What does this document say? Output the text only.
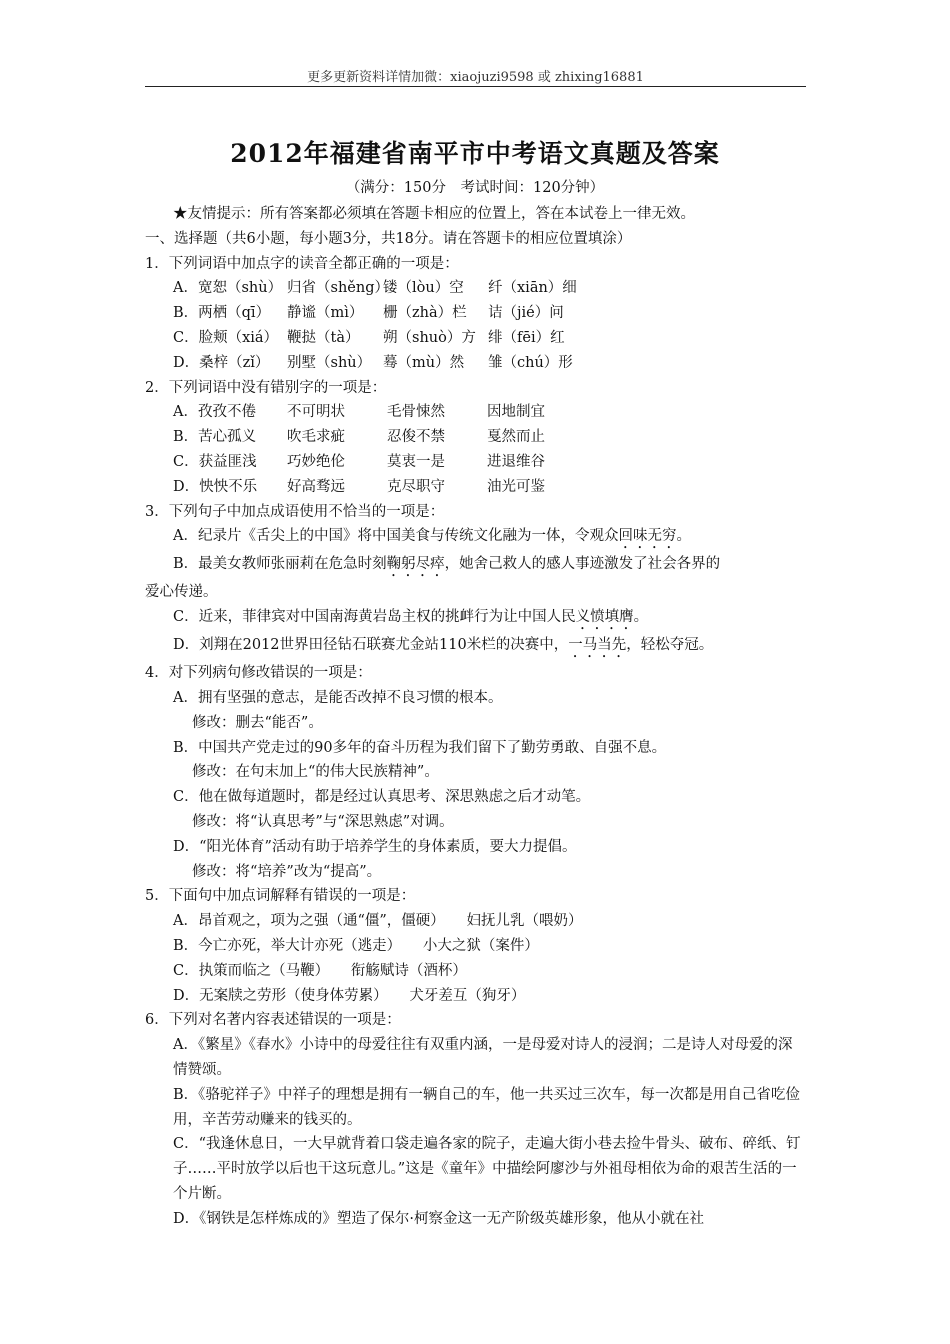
更多更新资料详情加微：xiaojuzi9598 或 zhixing16881
2012年福建省南平市中考语文真题及答案
（满分：150分　考试时间：120分钟）

★友情提示：所有答案都必须填在答题卡相应的位置上，答在本试卷上一律无效。

一、选择题（共6小题，每小题3分，共18分。请在答题卡的相应位置填涂）

1．下列词语中加点字的读音全都正确的一项是：

A．宽恕（shù） 归省（shěng）镂（lòu）空 纤（xiān）细
B．两栖（qī） 静谧（mì） 栅（zhà）栏 诘（jié）问
C．脸颊（xiá） 鞭挞（tà） 朔（shuò）方 绯（fēi）红
D．桑梓（zǐ） 别墅（shù） 蓦（mù）然 雏（chú）形

2．下列词语中没有错别字的一项是：

A．孜孜不倦 不可明状	毛骨悚然	因地制宜
B．苦心孤义 吹毛求疵	忍俊不禁	戛然而止
C．获益匪浅 巧妙绝伦	莫衷一是	进退维谷
D．怏怏不乐 好高骛远	克尽职守	油光可鉴

3．下列句子中加点成语使用不恰当的一项是：

A．纪录片《舌尖上的中国》将中国美食与传统文化融为一体，令观众回味无穷。

B．最美女教师张丽莉在危急时刻鞠躬尽瘁，她舍己救人的感人事迹激发了社会各界的

爱心传递。

C．近来，菲律宾对中国南海黄岩岛主权的挑衅行为让中国人民义愤填膺。

D．刘翔在2012世界田径钻石联赛尤金站110米栏的决赛中，一马当先，轻松夺冠。

4．对下列病句修改错误的一项是：

A．拥有坚强的意志，是能否改掉不良习惯的根本。

修改：删去“能否”。

B．中国共产党走过的90多年的奋斗历程为我们留下了勤劳勇敢、自强不息。

修改：在句末加上“的伟大民族精神”。

C．他在做每道题时，都是经过认真思考、深思熟虑之后才动笔。

修改：将“认真思考”与“深思熟虑”对调。

D．“阳光体育”活动有助于培养学生的身体素质，要大力提倡。

修改：将“培养”改为“提高”。

5．下面句中加点词解释有错误的一项是：

A．昂首观之，项为之强（通“僵”，僵硬）　　妇抚儿乳（喂奶）

B．今亡亦死，举大计亦死（逃走）　　小大之狱（案件）

C．执策而临之（马鞭）　　衔觞赋诗（酒杯）

D．无案牍之劳形（使身体劳累）　　犬牙差互（狗牙）

6．下列对名著内容表述错误的一项是：

A．《繁星》《春水》小诗中的母爱往往有双重内涵，一是母爱对诗人的浸润；二是诗人对母爱的深情赞颂。

B．《骆驼祥子》中祥子的理想是拥有一辆自己的车，他一共买过三次车，每一次都是用自己省吃俭用，辛苦劳动赚来的钱买的。

C．“我逢休息日，一大早就背着口袋走遍各家的院子，走遍大街小巷去捡牛骨头、破布、碎纸、钉子……平时放学以后也干这玩意儿。”这是《童年》中描绘阿廖沙与外祖母相依为命的艰苦生活的一个片断。

D．《钢铁是怎样炼成的》塑造了保尔·柯察金这一无产阶级英雄形象，他从小就在社
